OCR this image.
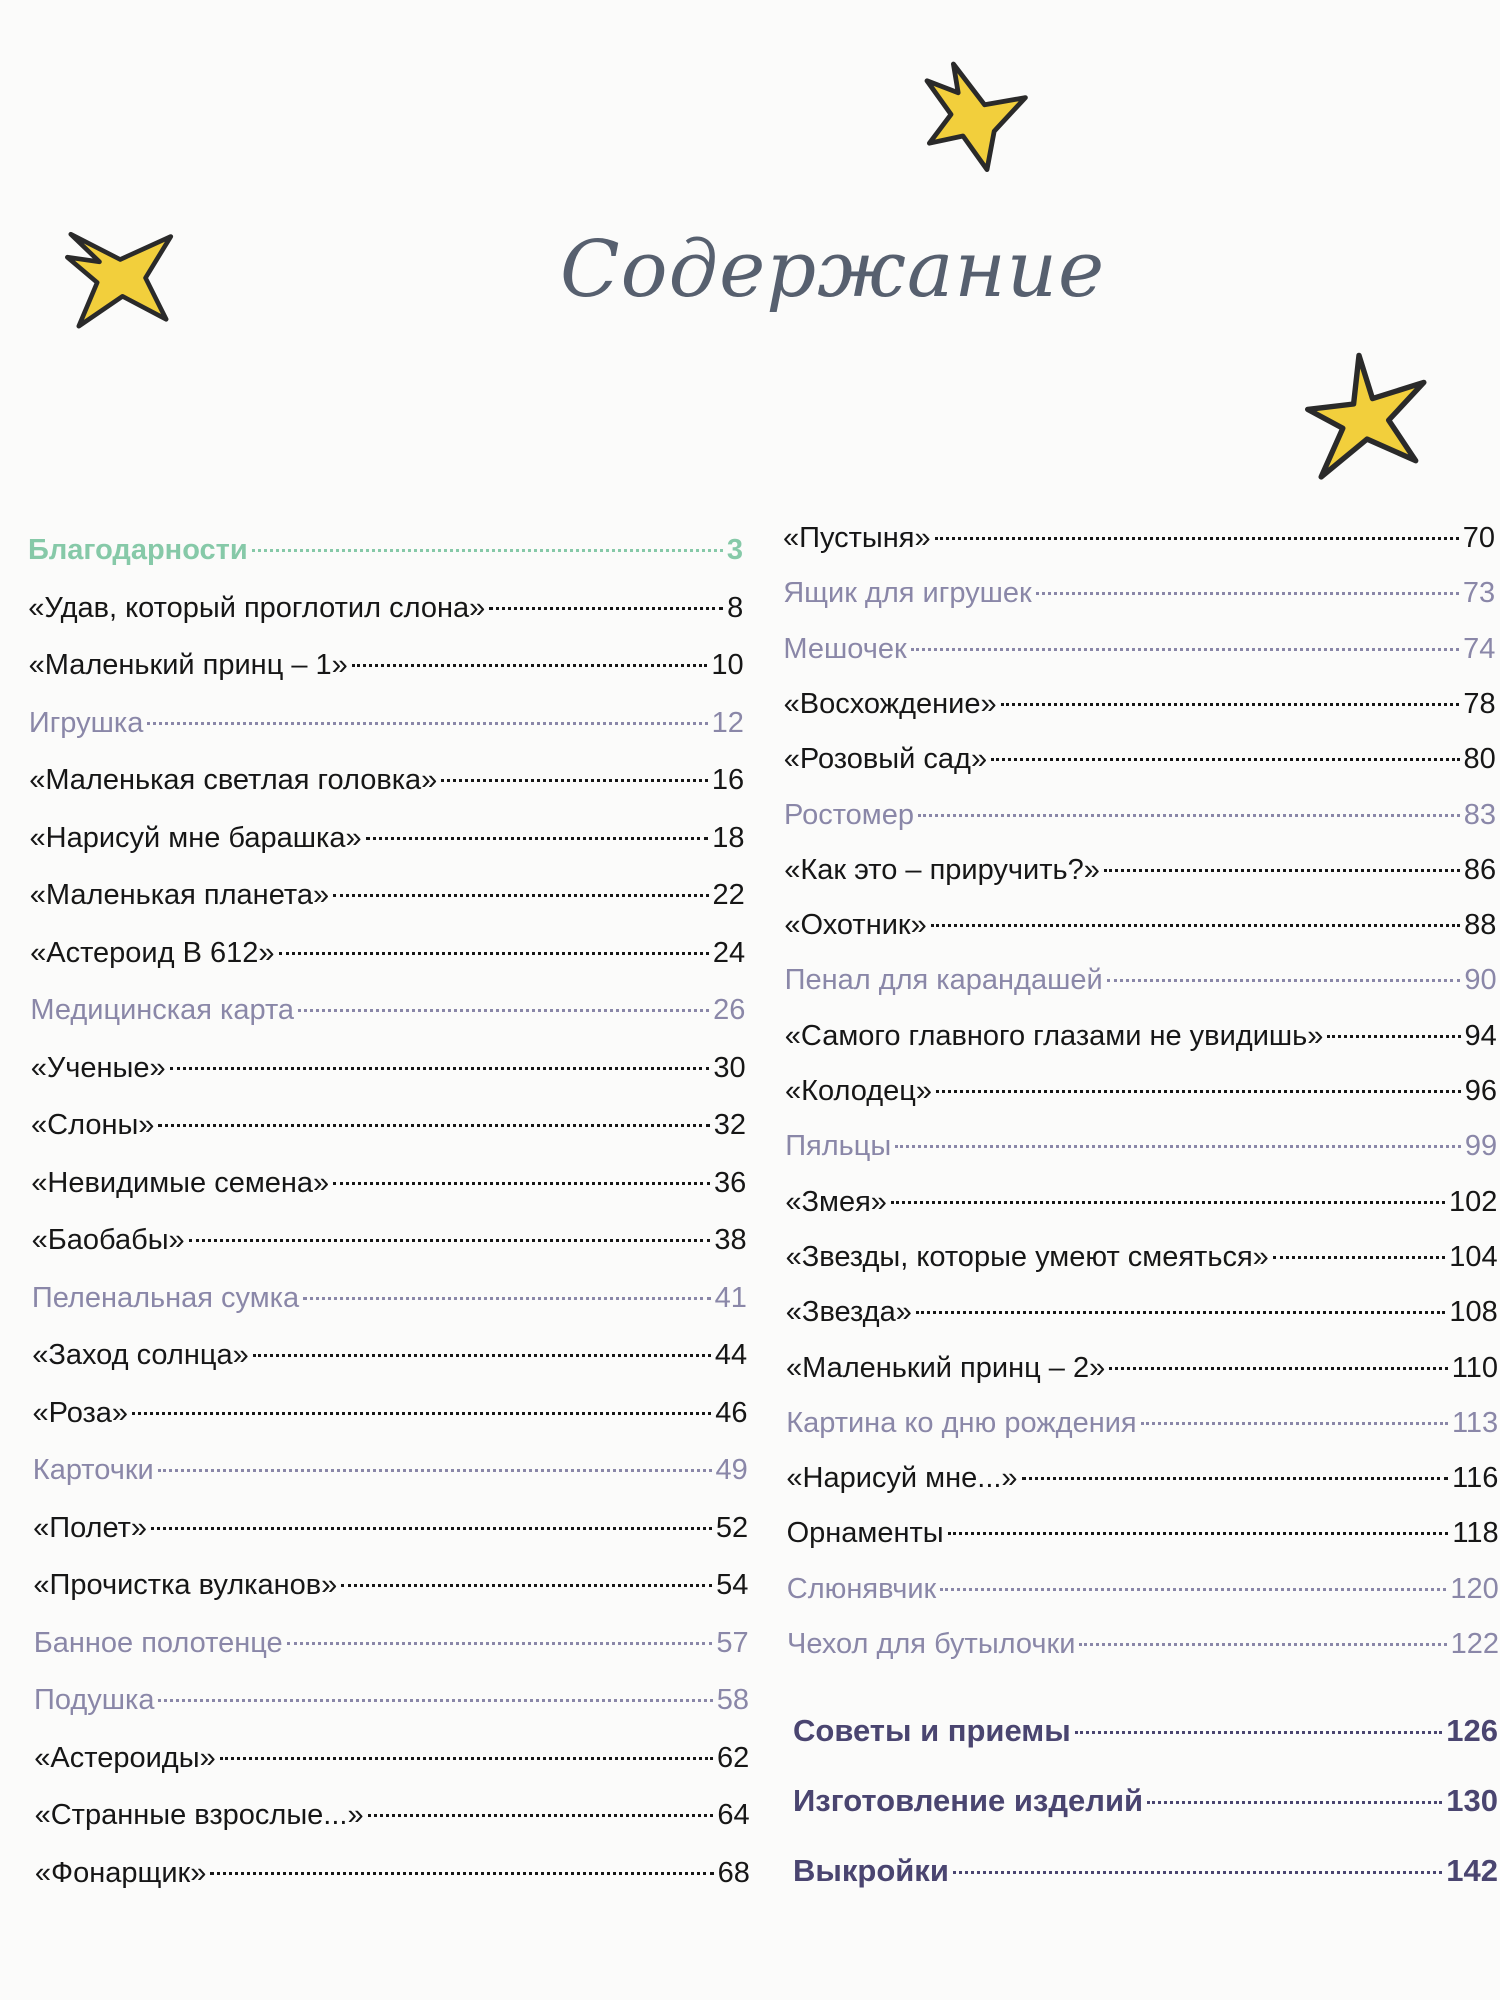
Содержание
Благодарности	3
«Удав, который проглотил слона»	8
«Маленький принц – 1»	10
Игрушка	12
«Маленькая светлая головка»	16
«Нарисуй мне барашка»	18
«Маленькая планета»	22
«Астероид В 612»	24
Медицинская карта	26
«Ученые»	30
«Слоны»	32
«Невидимые семена»	36
«Баобабы»	38
Пеленальная сумка	41
«Заход солнца»	44
«Роза»	46
Карточки	49
«Полет»	52
«Прочистка вулканов»	54
Банное полотенце	57
Подушка	58
«Астероиды»	62
«Странные взрослые...»	64
«Фонарщик»	68
«Пустыня»	70
Ящик для игрушек	73
Мешочек	74
«Восхождение»	78
«Розовый сад»	80
Ростомер	83
«Как это – приручить?»	86
«Охотник»	88
Пенал для карандашей	90
«Самого главного глазами не увидишь»	94
«Колодец»	96
Пяльцы	99
«Змея»	102
«Звезды, которые умеют смеяться»	104
«Звезда»	108
«Маленький принц – 2»	110
Картина ко дню рождения	113
«Нарисуй мне...»	116
Орнаменты	118
Слюнявчик	120
Чехол для бутылочки	122
Советы и приемы	126
Изготовление изделий	130
Выкройки	142
